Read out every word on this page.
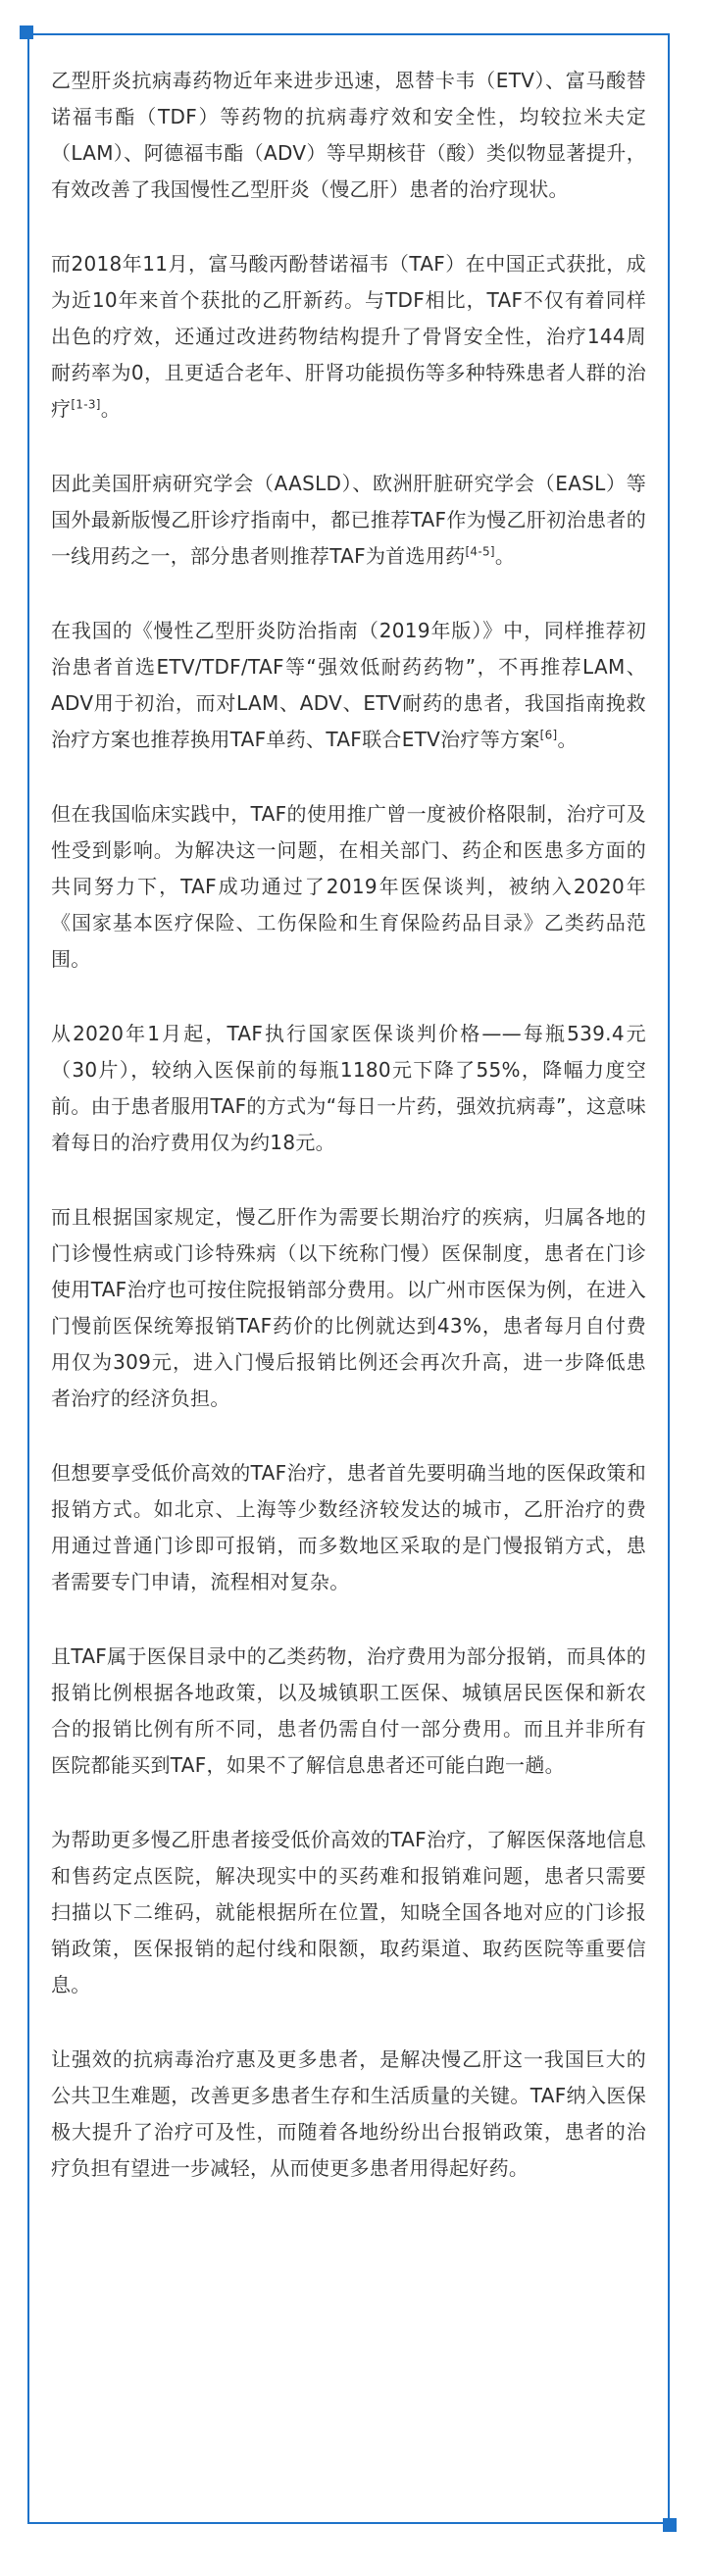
乙型肝炎抗病毒药物近年来进步迅速，恩替卡韦（ETV）、富马酸替诺福韦酯（TDF）等药物的抗病毒疗效和安全性，均较拉米夫定（LAM）、阿德福韦酯（ADV）等早期核苷（酸）类似物显著提升，有效改善了我国慢性乙型肝炎（慢乙肝）患者的治疗现状。

而2018年11月，富马酸丙酚替诺福韦（TAF）在中国正式获批，成为近10年来首个获批的乙肝新药。与TDF相比，TAF不仅有着同样出色的疗效，还通过改进药物结构提升了骨肾安全性，治疗144周耐药率为0，且更适合老年、肝肾功能损伤等多种特殊患者人群的治疗[1-3]。

因此美国肝病研究学会（AASLD）、欧洲肝脏研究学会（EASL）等国外最新版慢乙肝诊疗指南中，都已推荐TAF作为慢乙肝初治患者的一线用药之一，部分患者则推荐TAF为首选用药[4-5]。

在我国的《慢性乙型肝炎防治指南（2019年版）》中，同样推荐初治患者首选ETV/TDF/TAF等“强效低耐药药物”，不再推荐LAM、ADV用于初治，而对LAM、ADV、ETV耐药的患者，我国指南挽救治疗方案也推荐换用TAF单药、TAF联合ETV治疗等方案[6]。

但在我国临床实践中，TAF的使用推广曾一度被价格限制，治疗可及性受到影响。为解决这一问题，在相关部门、药企和医患多方面的共同努力下，TAF成功通过了2019年医保谈判，被纳入2020年《国家基本医疗保险、工伤保险和生育保险药品目录》乙类药品范围。

从2020年1月起，TAF执行国家医保谈判价格——每瓶539.4元（30片），较纳入医保前的每瓶1180元下降了55%，降幅力度空前。由于患者服用TAF的方式为“每日一片药，强效抗病毒”，这意味着每日的治疗费用仅为约18元。

而且根据国家规定，慢乙肝作为需要长期治疗的疾病，归属各地的门诊慢性病或门诊特殊病（以下统称门慢）医保制度，患者在门诊使用TAF治疗也可按住院报销部分费用。以广州市医保为例，在进入门慢前医保统筹报销TAF药价的比例就达到43%，患者每月自付费用仅为309元，进入门慢后报销比例还会再次升高，进一步降低患者治疗的经济负担。

但想要享受低价高效的TAF治疗，患者首先要明确当地的医保政策和报销方式。如北京、上海等少数经济较发达的城市，乙肝治疗的费用通过普通门诊即可报销，而多数地区采取的是门慢报销方式，患者需要专门申请，流程相对复杂。

且TAF属于医保目录中的乙类药物，治疗费用为部分报销，而具体的报销比例根据各地政策，以及城镇职工医保、城镇居民医保和新农合的报销比例有所不同，患者仍需自付一部分费用。而且并非所有医院都能买到TAF，如果不了解信息患者还可能白跑一趟。

为帮助更多慢乙肝患者接受低价高效的TAF治疗，了解医保落地信息和售药定点医院，解决现实中的买药难和报销难问题，患者只需要扫描以下二维码，就能根据所在位置，知晓全国各地对应的门诊报销政策，医保报销的起付线和限额，取药渠道、取药医院等重要信息。

让强效的抗病毒治疗惠及更多患者，是解决慢乙肝这一我国巨大的公共卫生难题，改善更多患者生存和生活质量的关键。TAF纳入医保极大提升了治疗可及性，而随着各地纷纷出台报销政策，患者的治疗负担有望进一步减轻，从而使更多患者用得起好药。
